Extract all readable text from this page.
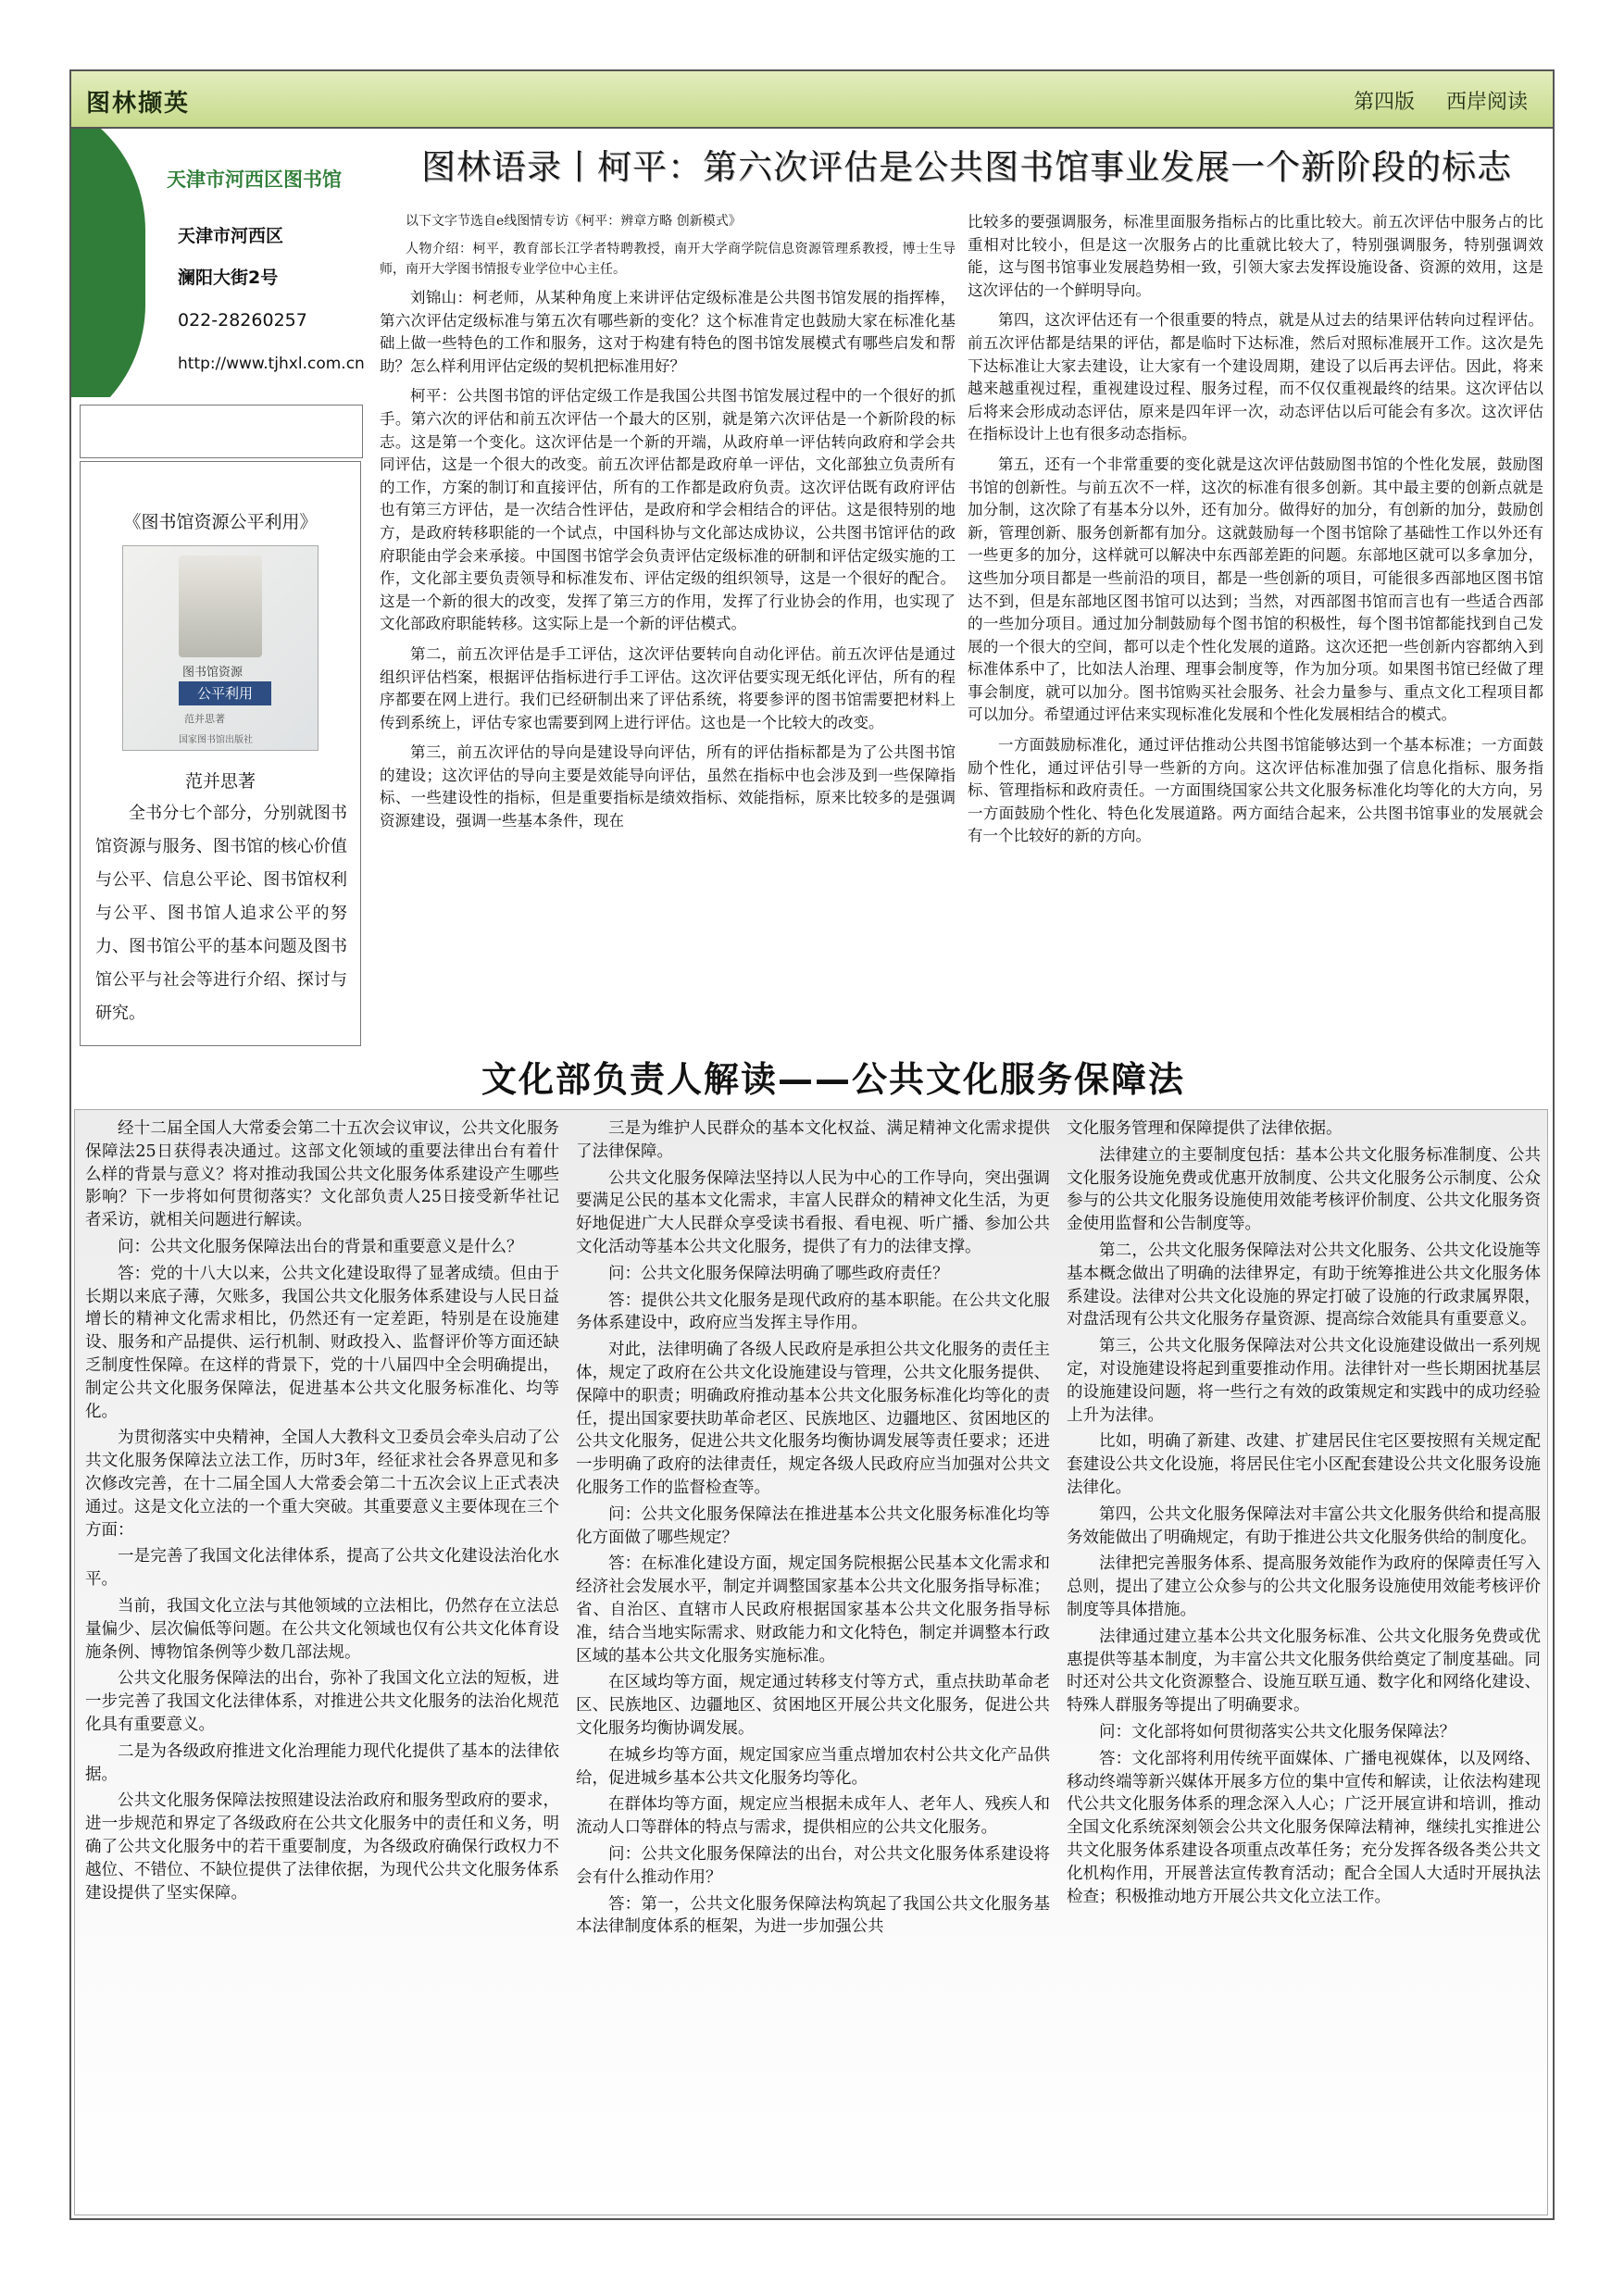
图林撷英	第四版 西岸阅读
天津市河西区图书馆
天津市河西区
澜阳大街2号
022-28260257
http://www.tjhxl.com.cn
《图书馆资源公平利用》
图书馆资源
公平利用
范并思著
国家图书馆出版社
范并思著
全书分七个部分，分别就图书馆资源与服务、图书馆的核心价值与公平、信息公平论、图书馆权利与公平、图书馆人追求公平的努力、图书馆公平的基本问题及图书馆公平与社会等进行介绍、探讨与研究。
图林语录丨柯平：第六次评估是公共图书馆事业发展一个新阶段的标志

以下文字节选自e线图情专访《柯平：辨章方略 创新模式》

人物介绍：柯平，教育部长江学者特聘教授，南开大学商学院信息资源管理系教授，博士生导师，南开大学图书情报专业学位中心主任。

刘锦山：柯老师，从某种角度上来讲评估定级标准是公共图书馆发展的指挥棒，第六次评估定级标准与第五次有哪些新的变化？这个标准肯定也鼓励大家在标准化基础上做一些特色的工作和服务，这对于构建有特色的图书馆发展模式有哪些启发和帮助？怎么样利用评估定级的契机把标准用好？

柯平：公共图书馆的评估定级工作是我国公共图书馆发展过程中的一个很好的抓手。第六次的评估和前五次评估一个最大的区别，就是第六次评估是一个新阶段的标志。这是第一个变化。这次评估是一个新的开端，从政府单一评估转向政府和学会共同评估，这是一个很大的改变。前五次评估都是政府单一评估，文化部独立负责所有的工作，方案的制订和直接评估，所有的工作都是政府负责。这次评估既有政府评估也有第三方评估，是一次结合性评估，是政府和学会相结合的评估。这是很特别的地方，是政府转移职能的一个试点，中国科协与文化部达成协议，公共图书馆评估的政府职能由学会来承接。中国图书馆学会负责评估定级标准的研制和评估定级实施的工作，文化部主要负责领导和标准发布、评估定级的组织领导，这是一个很好的配合。这是一个新的很大的改变，发挥了第三方的作用，发挥了行业协会的作用，也实现了文化部政府职能转移。这实际上是一个新的评估模式。

第二，前五次评估是手工评估，这次评估要转向自动化评估。前五次评估是通过组织评估档案，根据评估指标进行手工评估。这次评估要实现无纸化评估，所有的程序都要在网上进行。我们已经研制出来了评估系统，将要参评的图书馆需要把材料上传到系统上，评估专家也需要到网上进行评估。这也是一个比较大的改变。

第三，前五次评估的导向是建设导向评估，所有的评估指标都是为了公共图书馆的建设；这次评估的导向主要是效能导向评估，虽然在指标中也会涉及到一些保障指标、一些建设性的指标，但是重要指标是绩效指标、效能指标，原来比较多的是强调资源建设，强调一些基本条件，现在

比较多的要强调服务，标准里面服务指标占的比重比较大。前五次评估中服务占的比重相对比较小，但是这一次服务占的比重就比较大了，特别强调服务，特别强调效能，这与图书馆事业发展趋势相一致，引领大家去发挥设施设备、资源的效用，这是这次评估的一个鲜明导向。

第四，这次评估还有一个很重要的特点，就是从过去的结果评估转向过程评估。前五次评估都是结果的评估，都是临时下达标准，然后对照标准展开工作。这次是先下达标准让大家去建设，让大家有一个建设周期，建设了以后再去评估。因此，将来越来越重视过程，重视建设过程、服务过程，而不仅仅重视最终的结果。这次评估以后将来会形成动态评估，原来是四年评一次，动态评估以后可能会有多次。这次评估在指标设计上也有很多动态指标。

第五，还有一个非常重要的变化就是这次评估鼓励图书馆的个性化发展，鼓励图书馆的创新性。与前五次不一样，这次的标准有很多创新。其中最主要的创新点就是加分制，这次除了有基本分以外，还有加分。做得好的加分，有创新的加分，鼓励创新，管理创新、服务创新都有加分。这就鼓励每一个图书馆除了基础性工作以外还有一些更多的加分，这样就可以解决中东西部差距的问题。东部地区就可以多拿加分，这些加分项目都是一些前沿的项目，都是一些创新的项目，可能很多西部地区图书馆达不到，但是东部地区图书馆可以达到；当然，对西部图书馆而言也有一些适合西部的一些加分项目。通过加分制鼓励每个图书馆的积极性，每个图书馆都能找到自己发展的一个很大的空间，都可以走个性化发展的道路。这次还把一些创新内容都纳入到标准体系中了，比如法人治理、理事会制度等，作为加分项。如果图书馆已经做了理事会制度，就可以加分。图书馆购买社会服务、社会力量参与、重点文化工程项目都可以加分。希望通过评估来实现标准化发展和个性化发展相结合的模式。

一方面鼓励标准化，通过评估推动公共图书馆能够达到一个基本标准；一方面鼓励个性化，通过评估引导一些新的方向。这次评估标准加强了信息化指标、服务指标、管理指标和政府责任。一方面围绕国家公共文化服务标准化均等化的大方向，另一方面鼓励个性化、特色化发展道路。两方面结合起来，公共图书馆事业的发展就会有一个比较好的新的方向。

文化部负责人解读——公共文化服务保障法

经十二届全国人大常委会第二十五次会议审议，公共文化服务保障法25日获得表决通过。这部文化领域的重要法律出台有着什么样的背景与意义？将对推动我国公共文化服务体系建设产生哪些影响？下一步将如何贯彻落实？文化部负责人25日接受新华社记者采访，就相关问题进行解读。

问：公共文化服务保障法出台的背景和重要意义是什么？

答：党的十八大以来，公共文化建设取得了显著成绩。但由于长期以来底子薄，欠账多，我国公共文化服务体系建设与人民日益增长的精神文化需求相比，仍然还有一定差距，特别是在设施建设、服务和产品提供、运行机制、财政投入、监督评价等方面还缺乏制度性保障。在这样的背景下，党的十八届四中全会明确提出，制定公共文化服务保障法，促进基本公共文化服务标准化、均等化。

为贯彻落实中央精神，全国人大教科文卫委员会牵头启动了公共文化服务保障法立法工作，历时3年，经征求社会各界意见和多次修改完善，在十二届全国人大常委会第二十五次会议上正式表决通过。这是文化立法的一个重大突破。其重要意义主要体现在三个方面：

一是完善了我国文化法律体系，提高了公共文化建设法治化水平。

当前，我国文化立法与其他领域的立法相比，仍然存在立法总量偏少、层次偏低等问题。在公共文化领域也仅有公共文化体育设施条例、博物馆条例等少数几部法规。

公共文化服务保障法的出台，弥补了我国文化立法的短板，进一步完善了我国文化法律体系，对推进公共文化服务的法治化规范化具有重要意义。

二是为各级政府推进文化治理能力现代化提供了基本的法律依据。

公共文化服务保障法按照建设法治政府和服务型政府的要求，进一步规范和界定了各级政府在公共文化服务中的责任和义务，明确了公共文化服务中的若干重要制度，为各级政府确保行政权力不越位、不错位、不缺位提供了法律依据，为现代公共文化服务体系建设提供了坚实保障。

三是为维护人民群众的基本文化权益、满足精神文化需求提供了法律保障。

公共文化服务保障法坚持以人民为中心的工作导向，突出强调要满足公民的基本文化需求，丰富人民群众的精神文化生活，为更好地促进广大人民群众享受读书看报、看电视、听广播、参加公共文化活动等基本公共文化服务，提供了有力的法律支撑。

问：公共文化服务保障法明确了哪些政府责任？

答：提供公共文化服务是现代政府的基本职能。在公共文化服务体系建设中，政府应当发挥主导作用。

对此，法律明确了各级人民政府是承担公共文化服务的责任主体，规定了政府在公共文化设施建设与管理，公共文化服务提供、保障中的职责；明确政府推动基本公共文化服务标准化均等化的责任，提出国家要扶助革命老区、民族地区、边疆地区、贫困地区的公共文化服务，促进公共文化服务均衡协调发展等责任要求；还进一步明确了政府的法律责任，规定各级人民政府应当加强对公共文化服务工作的监督检查等。

问：公共文化服务保障法在推进基本公共文化服务标准化均等化方面做了哪些规定？

答：在标准化建设方面，规定国务院根据公民基本文化需求和经济社会发展水平，制定并调整国家基本公共文化服务指导标准；省、自治区、直辖市人民政府根据国家基本公共文化服务指导标准，结合当地实际需求、财政能力和文化特色，制定并调整本行政区域的基本公共文化服务实施标准。

在区域均等方面，规定通过转移支付等方式，重点扶助革命老区、民族地区、边疆地区、贫困地区开展公共文化服务，促进公共文化服务均衡协调发展。

在城乡均等方面，规定国家应当重点增加农村公共文化产品供给，促进城乡基本公共文化服务均等化。

在群体均等方面，规定应当根据未成年人、老年人、残疾人和流动人口等群体的特点与需求，提供相应的公共文化服务。

问：公共文化服务保障法的出台，对公共文化服务体系建设将会有什么推动作用？

答：第一，公共文化服务保障法构筑起了我国公共文化服务基本法律制度体系的框架，为进一步加强公共

文化服务管理和保障提供了法律依据。

法律建立的主要制度包括：基本公共文化服务标准制度、公共文化服务设施免费或优惠开放制度、公共文化服务公示制度、公众参与的公共文化服务设施使用效能考核评价制度、公共文化服务资金使用监督和公告制度等。

第二，公共文化服务保障法对公共文化服务、公共文化设施等基本概念做出了明确的法律界定，有助于统筹推进公共文化服务体系建设。法律对公共文化设施的界定打破了设施的行政隶属界限，对盘活现有公共文化服务存量资源、提高综合效能具有重要意义。

第三，公共文化服务保障法对公共文化设施建设做出一系列规定，对设施建设将起到重要推动作用。法律针对一些长期困扰基层的设施建设问题，将一些行之有效的政策规定和实践中的成功经验上升为法律。

比如，明确了新建、改建、扩建居民住宅区要按照有关规定配套建设公共文化设施，将居民住宅小区配套建设公共文化服务设施法律化。

第四，公共文化服务保障法对丰富公共文化服务供给和提高服务效能做出了明确规定，有助于推进公共文化服务供给的制度化。

法律把完善服务体系、提高服务效能作为政府的保障责任写入总则，提出了建立公众参与的公共文化服务设施使用效能考核评价制度等具体措施。

法律通过建立基本公共文化服务标准、公共文化服务免费或优惠提供等基本制度，为丰富公共文化服务供给奠定了制度基础。同时还对公共文化资源整合、设施互联互通、数字化和网络化建设、特殊人群服务等提出了明确要求。

问：文化部将如何贯彻落实公共文化服务保障法？

答：文化部将利用传统平面媒体、广播电视媒体，以及网络、移动终端等新兴媒体开展多方位的集中宣传和解读，让依法构建现代公共文化服务体系的理念深入人心；广泛开展宣讲和培训，推动全国文化系统深刻领会公共文化服务保障法精神，继续扎实推进公共文化服务体系建设各项重点改革任务；充分发挥各级各类公共文化机构作用，开展普法宣传教育活动；配合全国人大适时开展执法检查；积极推动地方开展公共文化立法工作。
